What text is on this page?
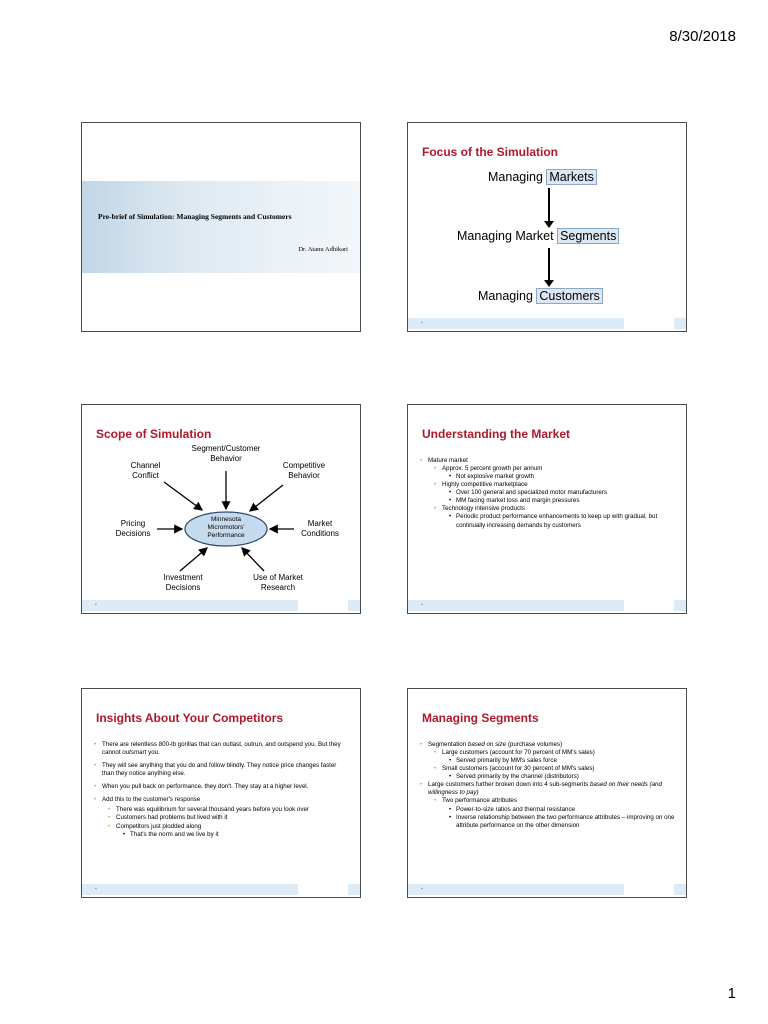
8/30/2018
Pre-brief of Simulation: Managing Segments and Customers
Dr. Atanu Adhikari
Focus of the Simulation
Managing Markets
Managing Market Segments
Managing Customers
▪
Scope of Simulation
Minnesota
Micromotors'
Performance
Segment/Customer
Behavior
Channel
Conflict
Competitive
Behavior
Pricing
Decisions
Market
Conditions
Investment
Decisions
Use of Market
Research
▪
Understanding the Market
• Mature market
• Approx. 5 percent growth per annum
• Not explosive market growth
• Highly competitive marketplace
• Over 100 general and specialized motor manufacturers
• MM facing market loss and margin pressures
• Technology intensive products
• Periodic product performance enhancements to keep up with gradual, but continually increasing demands by customers
▪
Insights About Your Competitors
• There are relentless 800-lb gorillas that can outlast, outrun, and outspend you. But they cannot outsmart you.
• They will see anything that you do and follow blindly. They notice price changes faster than they notice anything else.
• When you pull back on performance, they don't. They stay at a higher level.
• Add this to the customer's response
• There was equilibrium for several thousand years before you look over
• Customers had problems but lived with it
• Competitors just plodded along
• That's the norm and we live by it
▪
Managing Segments
• Segmentation based on size (purchase volumes)
• Large customers (account for 70 percent of MM's sales)
• Served primarily by MM's sales force
• Small customers (account for 30 percent of MM's sales)
• Served primarily by the channel (distributors)
• Large customers further broken down into 4 sub-segments based on their needs (and willingness to pay)
• Two performance attributes
• Power-to-size ratios and thermal resistance
• Inverse relationship between the two performance attributes – improving on one attribute performance on the other dimension
▪
1
